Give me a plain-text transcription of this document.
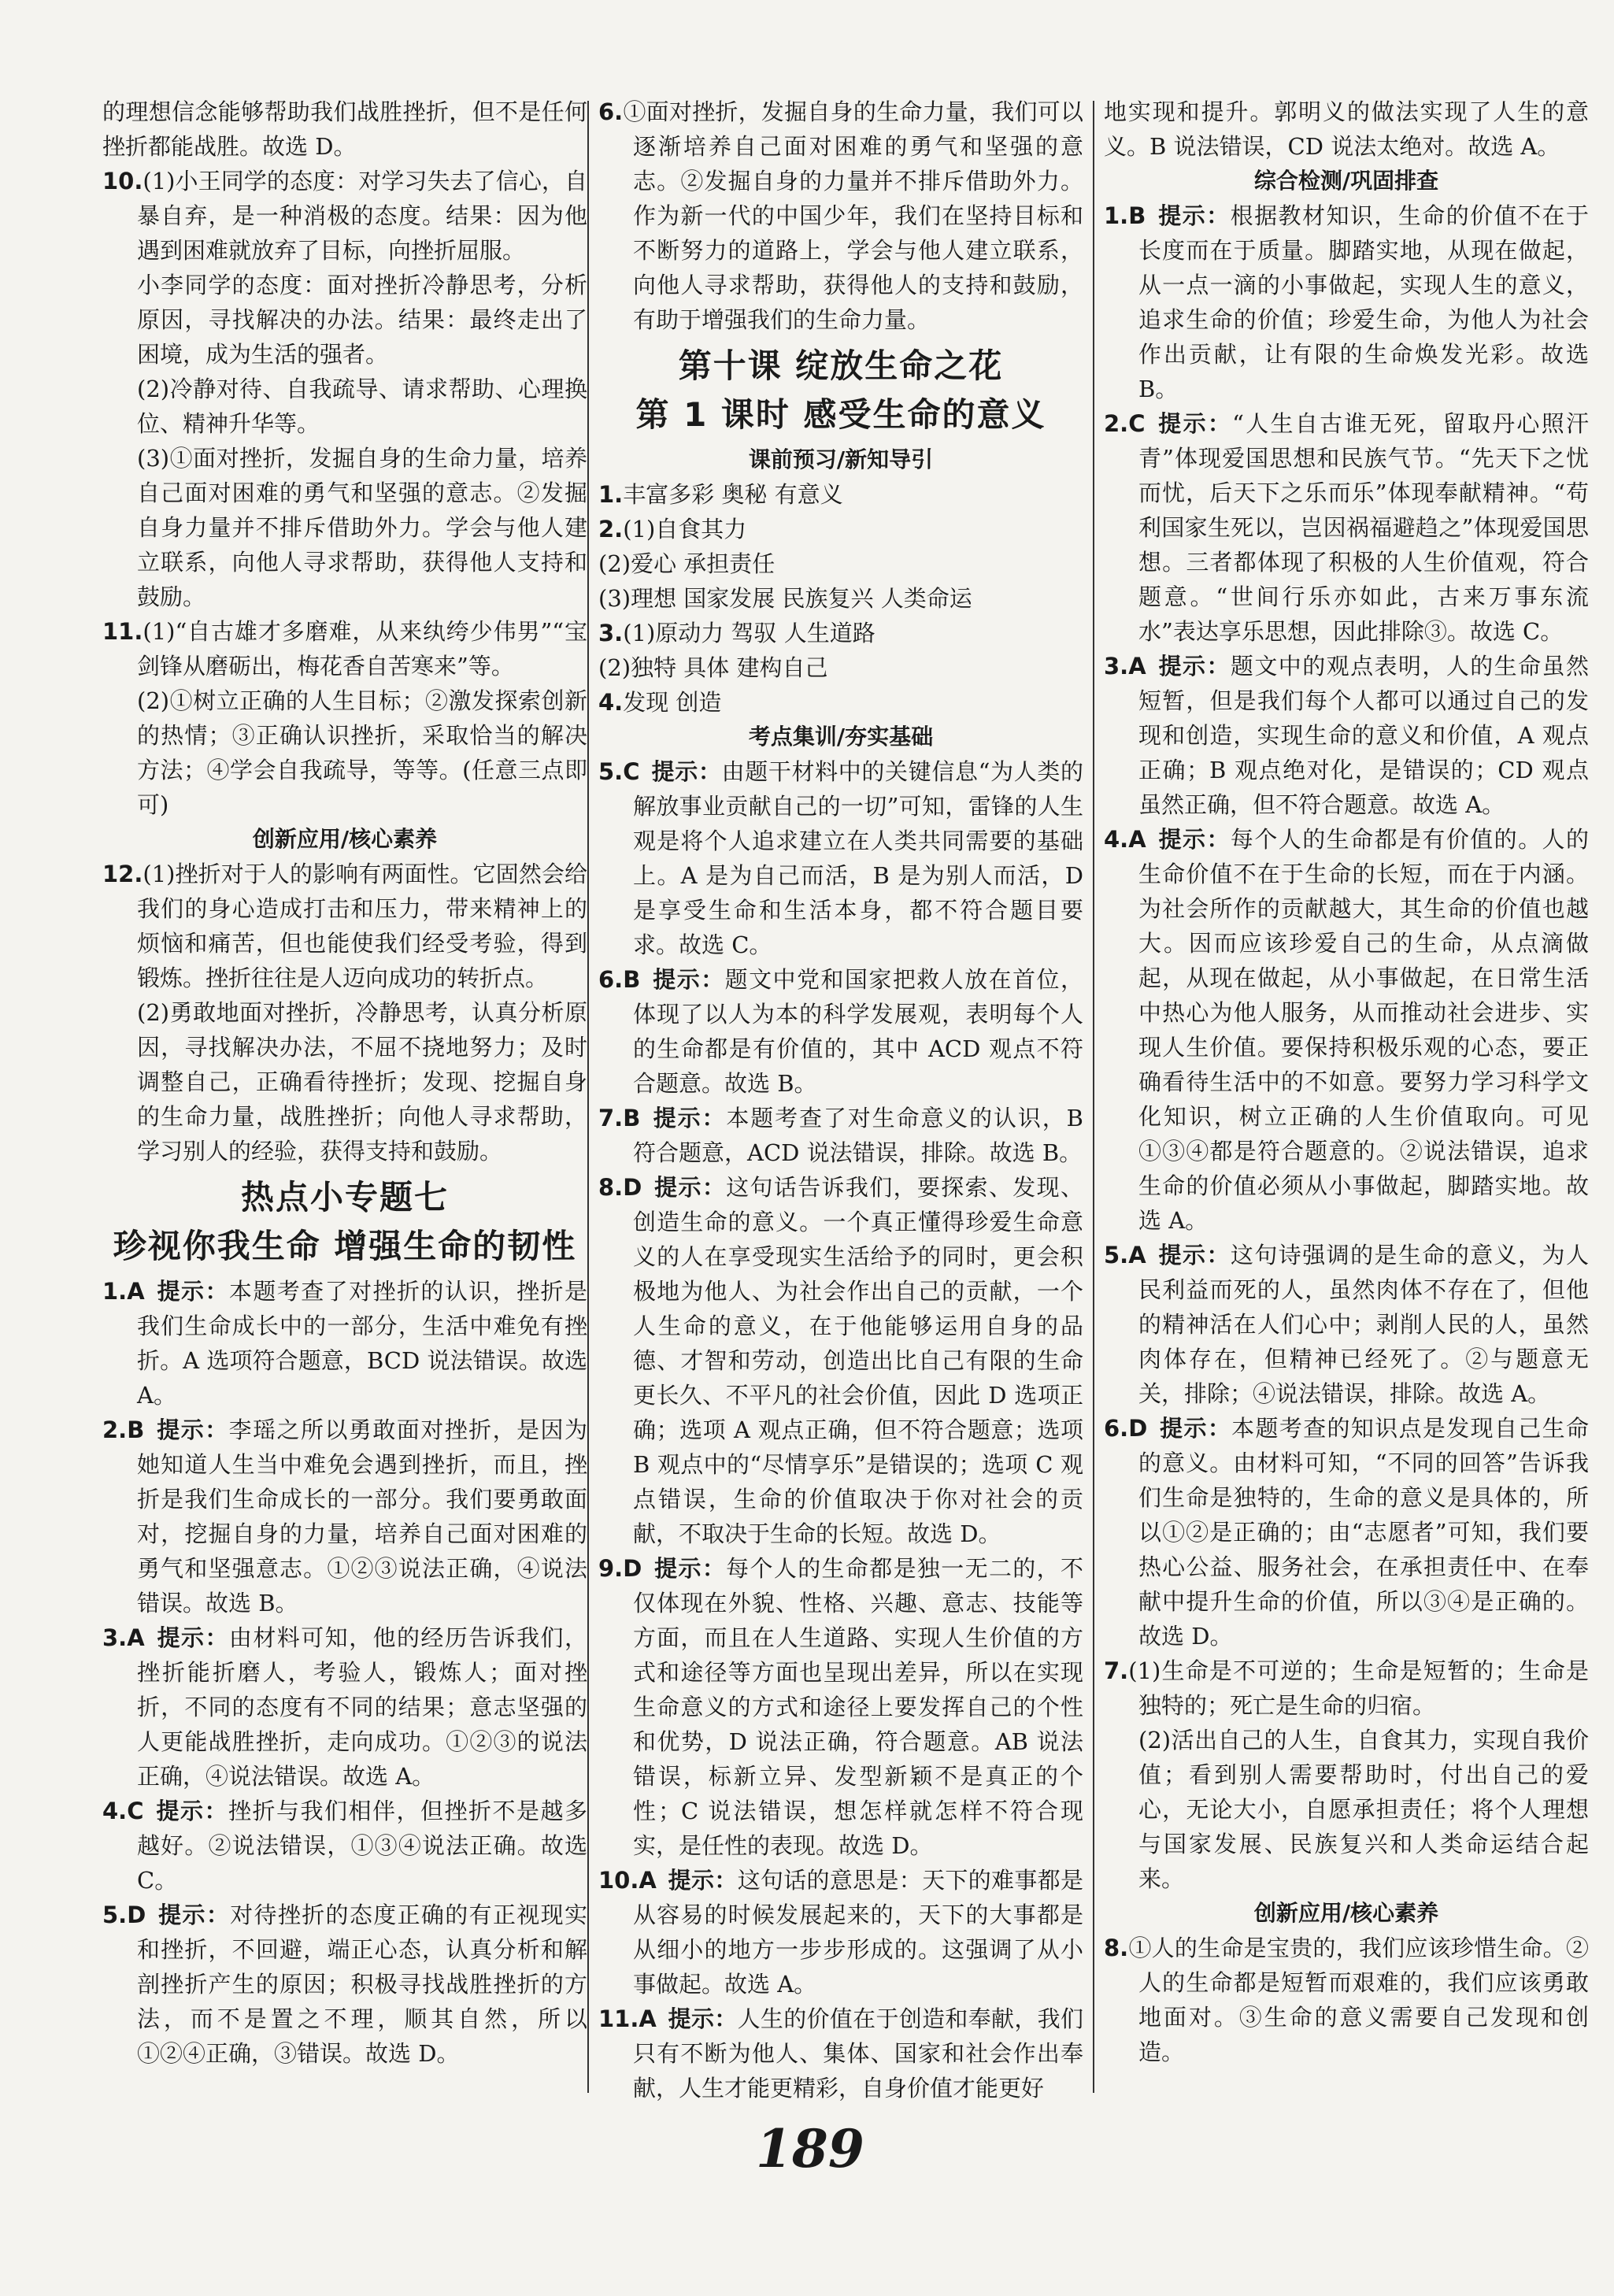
的理想信念能够帮助我们战胜挫折，但不是任何挫折都能战胜。故选 D。

10.(1)小王同学的态度：对学习失去了信心，自暴自弃，是一种消极的态度。结果：因为他遇到困难就放弃了目标，向挫折屈服。

小李同学的态度：面对挫折冷静思考，分析原因，寻找解决的办法。结果：最终走出了困境，成为生活的强者。

(2)冷静对待、自我疏导、请求帮助、心理换位、精神升华等。

(3)①面对挫折，发掘自身的生命力量，培养自己面对困难的勇气和坚强的意志。②发掘自身力量并不排斥借助外力。学会与他人建立联系，向他人寻求帮助，获得他人支持和鼓励。

11.(1)“自古雄才多磨难，从来纨绔少伟男”“宝剑锋从磨砺出，梅花香自苦寒来”等。

(2)①树立正确的人生目标；②激发探索创新的热情；③正确认识挫折，采取恰当的解决方法；④学会自我疏导，等等。(任意三点即可)

创新应用/核心素养

12.(1)挫折对于人的影响有两面性。它固然会给我们的身心造成打击和压力，带来精神上的烦恼和痛苦，但也能使我们经受考验，得到锻炼。挫折往往是人迈向成功的转折点。

(2)勇敢地面对挫折，冷静思考，认真分析原因，寻找解决办法，不屈不挠地努力；及时调整自己，正确看待挫折；发现、挖掘自身的生命力量，战胜挫折；向他人寻求帮助，学习别人的经验，获得支持和鼓励。

热点小专题七

珍视你我生命 增强生命的韧性

1.A  提示：本题考查了对挫折的认识，挫折是我们生命成长中的一部分，生活中难免有挫折。A 选项符合题意，BCD 说法错误。故选 A。

2.B  提示：李瑶之所以勇敢面对挫折，是因为她知道人生当中难免会遇到挫折，而且，挫折是我们生命成长的一部分。我们要勇敢面对，挖掘自身的力量，培养自己面对困难的勇气和坚强意志。①②③说法正确，④说法错误。故选 B。

3.A  提示：由材料可知，他的经历告诉我们，挫折能折磨人，考验人，锻炼人；面对挫折，不同的态度有不同的结果；意志坚强的人更能战胜挫折，走向成功。①②③的说法正确，④说法错误。故选 A。

4.C  提示：挫折与我们相伴，但挫折不是越多越好。②说法错误，①③④说法正确。故选 C。

5.D  提示：对待挫折的态度正确的有正视现实和挫折，不回避，端正心态，认真分析和解剖挫折产生的原因；积极寻找战胜挫折的方法，而不是置之不理，顺其自然，所以①②④正确，③错误。故选 D。

6.①面对挫折，发掘自身的生命力量，我们可以逐渐培养自己面对困难的勇气和坚强的意志。②发掘自身的力量并不排斥借助外力。作为新一代的中国少年，我们在坚持目标和不断努力的道路上，学会与他人建立联系，向他人寻求帮助，获得他人的支持和鼓励，有助于增强我们的生命力量。

第十课 绽放生命之花

第 1 课时 感受生命的意义

课前预习/新知导引

1.丰富多彩 奥秘 有意义

2.(1)自食其力

(2)爱心 承担责任

(3)理想 国家发展 民族复兴 人类命运

3.(1)原动力 驾驭 人生道路

(2)独特 具体 建构自己

4.发现 创造

考点集训/夯实基础

5.C  提示：由题干材料中的关键信息“为人类的解放事业贡献自己的一切”可知，雷锋的人生观是将个人追求建立在人类共同需要的基础上。A 是为自己而活，B 是为别人而活，D 是享受生命和生活本身，都不符合题目要求。故选 C。

6.B  提示：题文中党和国家把救人放在首位，体现了以人为本的科学发展观，表明每个人的生命都是有价值的，其中 ACD 观点不符合题意。故选 B。

7.B  提示：本题考查了对生命意义的认识，B 符合题意，ACD 说法错误，排除。故选 B。

8.D  提示：这句话告诉我们，要探索、发现、创造生命的意义。一个真正懂得珍爱生命意义的人在享受现实生活给予的同时，更会积极地为他人、为社会作出自己的贡献，一个人生命的意义，在于他能够运用自身的品德、才智和劳动，创造出比自己有限的生命更长久、不平凡的社会价值，因此 D 选项正确；选项 A 观点正确，但不符合题意；选项 B 观点中的“尽情享乐”是错误的；选项 C 观点错误，生命的价值取决于你对社会的贡献，不取决于生命的长短。故选 D。

9.D  提示：每个人的生命都是独一无二的，不仅体现在外貌、性格、兴趣、意志、技能等方面，而且在人生道路、实现人生价值的方式和途径等方面也呈现出差异，所以在实现生命意义的方式和途径上要发挥自己的个性和优势，D 说法正确，符合题意。AB 说法错误，标新立异、发型新颖不是真正的个性；C 说法错误，想怎样就怎样不符合现实，是任性的表现。故选 D。

10.A  提示：这句话的意思是：天下的难事都是从容易的时候发展起来的，天下的大事都是从细小的地方一步步形成的。这强调了从小事做起。故选 A。

11.A  提示：人生的价值在于创造和奉献，我们只有不断为他人、集体、国家和社会作出奉献，人生才能更精彩，自身价值才能更好

地实现和提升。郭明义的做法实现了人生的意义。B 说法错误，CD 说法太绝对。故选 A。

综合检测/巩固排查

1.B  提示：根据教材知识，生命的价值不在于长度而在于质量。脚踏实地，从现在做起，从一点一滴的小事做起，实现人生的意义，追求生命的价值；珍爱生命，为他人为社会作出贡献，让有限的生命焕发光彩。故选 B。

2.C  提示：“人生自古谁无死，留取丹心照汗青”体现爱国思想和民族气节。“先天下之忧而忧，后天下之乐而乐”体现奉献精神。“苟利国家生死以，岂因祸福避趋之”体现爱国思想。三者都体现了积极的人生价值观，符合题意。“世间行乐亦如此，古来万事东流水”表达享乐思想，因此排除③。故选 C。

3.A  提示：题文中的观点表明，人的生命虽然短暂，但是我们每个人都可以通过自己的发现和创造，实现生命的意义和价值，A 观点正确；B 观点绝对化，是错误的；CD 观点虽然正确，但不符合题意。故选 A。

4.A  提示：每个人的生命都是有价值的。人的生命价值不在于生命的长短，而在于内涵。为社会所作的贡献越大，其生命的价值也越大。因而应该珍爱自己的生命，从点滴做起，从现在做起，从小事做起，在日常生活中热心为他人服务，从而推动社会进步、实现人生价值。要保持积极乐观的心态，要正确看待生活中的不如意。要努力学习科学文化知识，树立正确的人生价值取向。可见①③④都是符合题意的。②说法错误，追求生命的价值必须从小事做起，脚踏实地。故选 A。

5.A  提示：这句诗强调的是生命的意义，为人民利益而死的人，虽然肉体不存在了，但他的精神活在人们心中；剥削人民的人，虽然肉体存在，但精神已经死了。②与题意无关，排除；④说法错误，排除。故选 A。

6.D  提示：本题考查的知识点是发现自己生命的意义。由材料可知，“不同的回答”告诉我们生命是独特的，生命的意义是具体的，所以①②是正确的；由“志愿者”可知，我们要热心公益、服务社会，在承担责任中、在奉献中提升生命的价值，所以③④是正确的。故选 D。

7.(1)生命是不可逆的；生命是短暂的；生命是独特的；死亡是生命的归宿。

(2)活出自己的人生，自食其力，实现自我价值；看到别人需要帮助时，付出自己的爱心，无论大小，自愿承担责任；将个人理想与国家发展、民族复兴和人类命运结合起来。

创新应用/核心素养

8.①人的生命是宝贵的，我们应该珍惜生命。②人的生命都是短暂而艰难的，我们应该勇敢地面对。③生命的意义需要自己发现和创造。

189
